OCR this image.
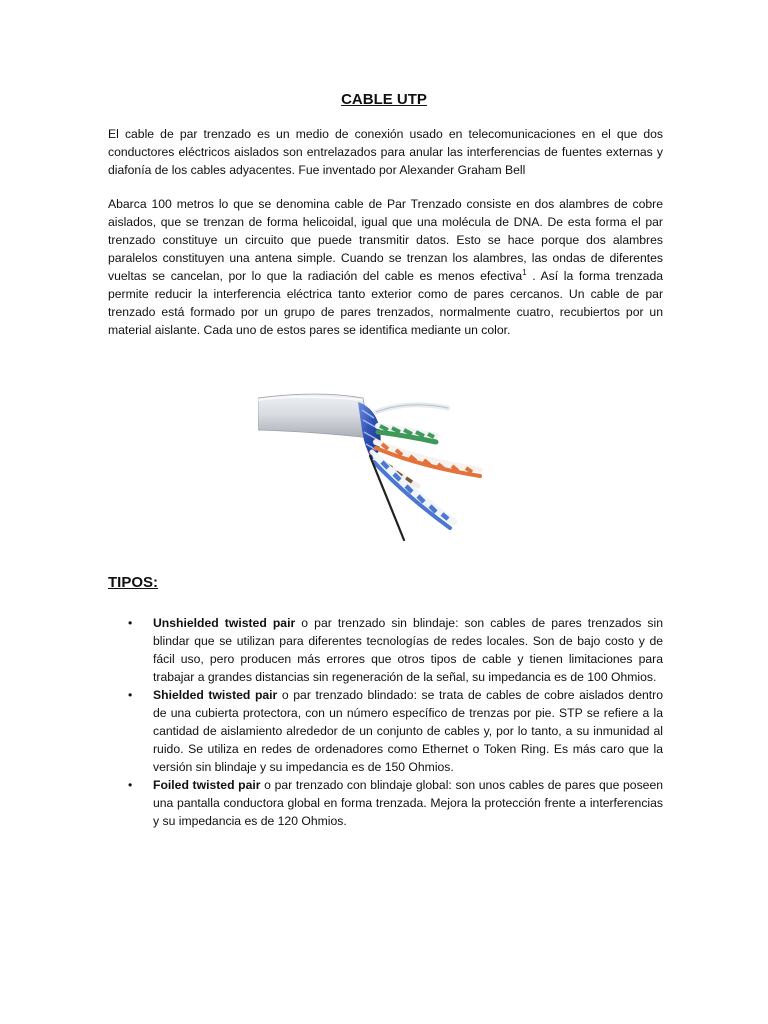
CABLE UTP

El cable de par trenzado es un medio de conexión usado en telecomunicaciones en el que dos conductores eléctricos aislados son entrelazados para anular las interferencias de fuentes externas y diafonía de los cables adyacentes. Fue inventado por Alexander Graham Bell

Abarca 100 metros lo que se denomina cable de Par Trenzado consiste en dos alambres de cobre aislados, que se trenzan de forma helicoidal, igual que una molécula de DNA. De esta forma el par trenzado constituye un circuito que puede transmitir datos. Esto se hace porque dos alambres paralelos constituyen una antena simple. Cuando se trenzan los alambres, las ondas de diferentes vueltas se cancelan, por lo que la radiación del cable es menos efectiva$^1$ . Así la forma trenzada permite reducir la interferencia eléctrica tanto exterior como de pares cercanos. Un cable de par trenzado está formado por un grupo de pares trenzados, normalmente cuatro, recubiertos por un material aislante. Cada uno de estos pares se identifica mediante un color.

TIPOS:
• Unshielded twisted pair o par trenzado sin blindaje: son cables de pares trenzados sin blindar que se utilizan para diferentes tecnologías de redes locales. Son de bajo costo y de fácil uso, pero producen más errores que otros tipos de cable y tienen limitaciones para trabajar a grandes distancias sin regeneración de la señal, su impedancia es de 100 Ohmios.
• Shielded twisted pair o par trenzado blindado: se trata de cables de cobre aislados dentro de una cubierta protectora, con un número específico de trenzas por pie. STP se refiere a la cantidad de aislamiento alrededor de un conjunto de cables y, por lo tanto, a su inmunidad al ruido. Se utiliza en redes de ordenadores como Ethernet o Token Ring. Es más caro que la versión sin blindaje y su impedancia es de 150 Ohmios.
• Foiled twisted pair o par trenzado con blindaje global: son unos cables de pares que poseen una pantalla conductora global en forma trenzada. Mejora la protección frente a interferencias y su impedancia es de 120 Ohmios.
